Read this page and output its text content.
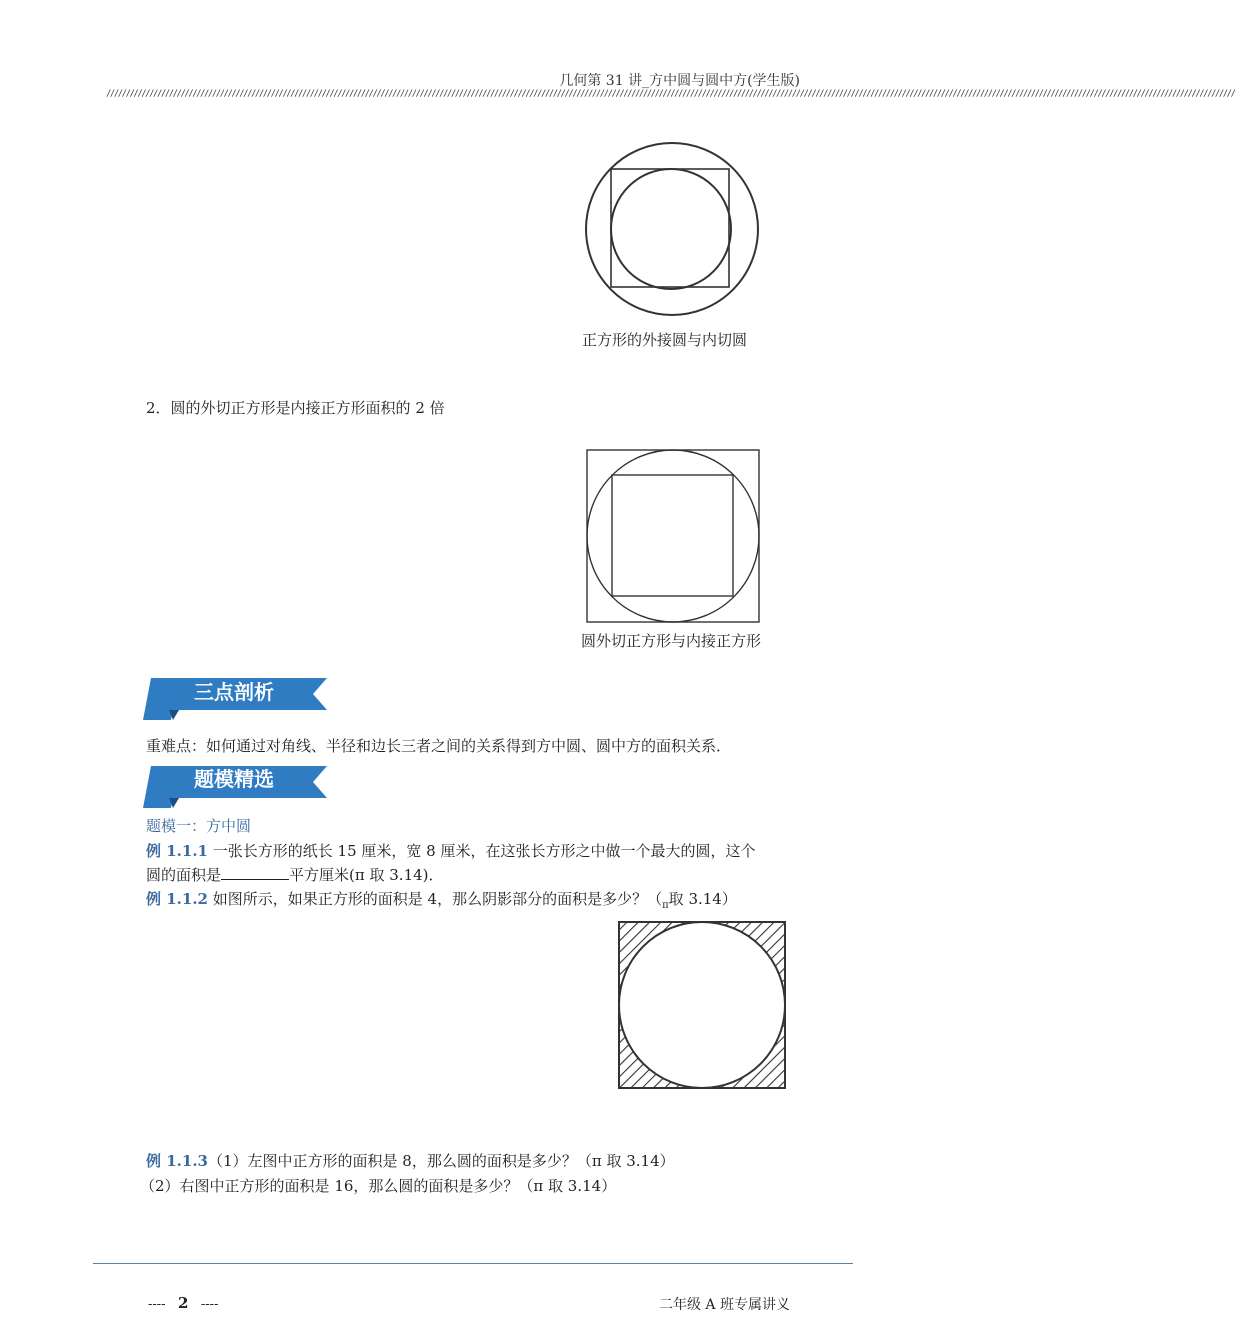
几何第 31 讲_方中圆与圆中方(学生版)
////////////////////////////////////////////////////////////////////////////////////////////////////////////////////////////////////////////////////////////////////////////////////////////////////////////////////////////////////////////////////////////////////////////////////////////////
正方形的外接圆与内切圆
2．圆的外切正方形是内接正方形面积的 2 倍
圆外切正方形与内接正方形
三点剖析
重难点：如何通过对角线、半径和边长三者之间的关系得到方中圆、圆中方的面积关系．
题模精选
题模一：方中圆
例 1.1.1 一张长方形的纸长 15 厘米，宽 8 厘米，在这张长方形之中做一个最大的圆，这个
圆的面积是	平方厘米(π 取 3.14)．
例 1.1.2 如图所示，如果正方形的面积是 4，那么阴影部分的面积是多少？（$_\pi$取 3.14）
例 1.1.3（1）左图中正方形的面积是 8，那么圆的面积是多少？（π 取 3.14）
（2）右图中正方形的面积是 16，那么圆的面积是多少？（π 取 3.14）
---- 2 ----	二年级 A 班专属讲义
